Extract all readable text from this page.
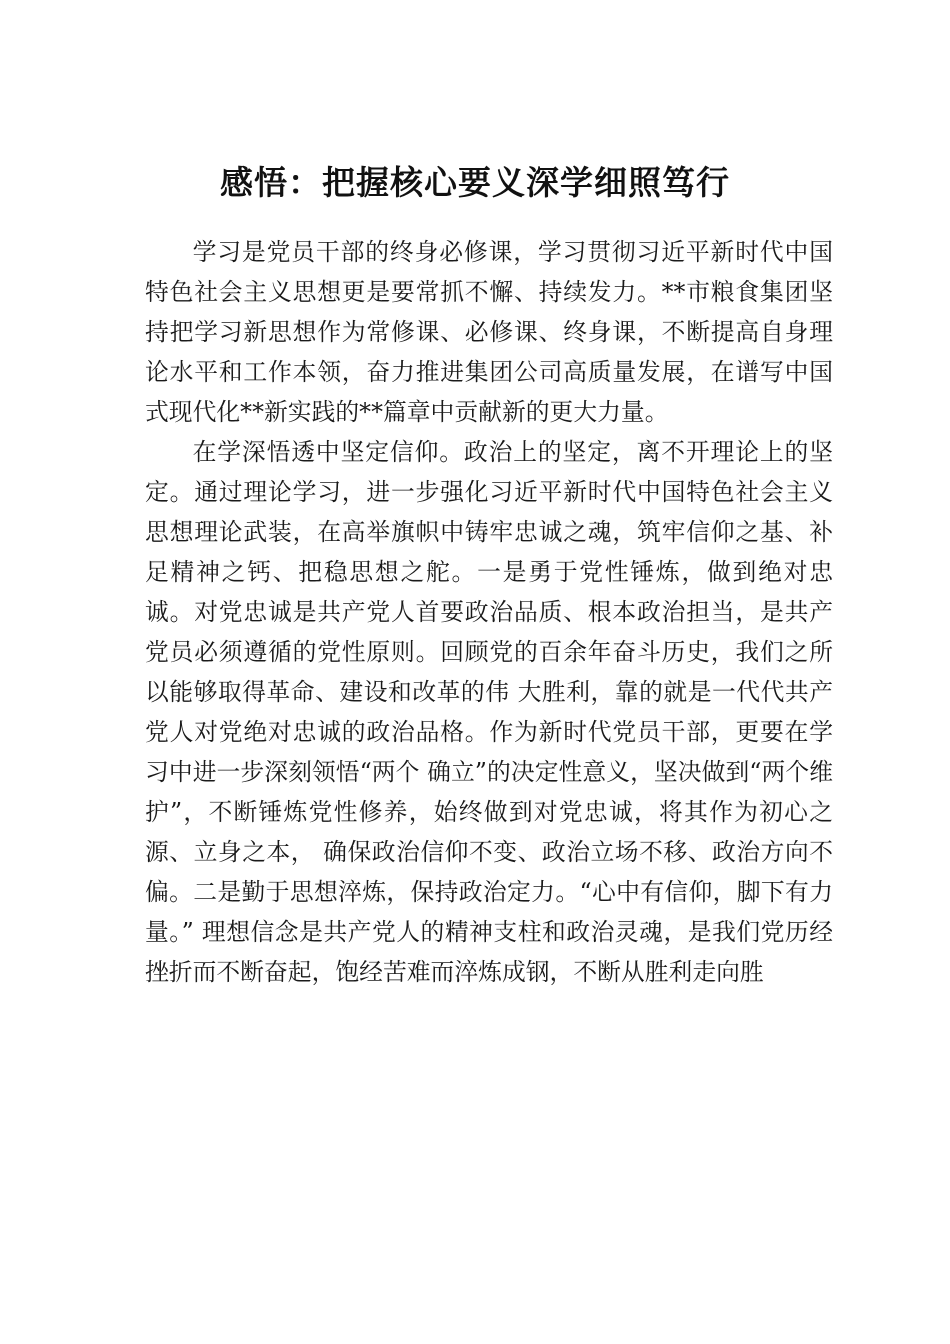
感悟：把握核心要义深学细照笃行

学习是党员干部的终身必修课，学习贯彻习近平新时代中国特色社会主义思想更是要常抓不懈、持续发力。**市粮食集团坚持把学习新思想作为常修课、必修课、终身课，不断提高自身理论水平和工作本领，奋力推进集团公司高质量发展，在谱写中国式现代化**新实践的**篇章中贡献新的更大力量。

在学深悟透中坚定信仰。政治上的坚定，离不开理论上的坚定。通过理论学习，进一步强化习近平新时代中国特色社会主义思想理论武装，在高举旗帜中铸牢忠诚之魂，筑牢信仰之基、补足精神之钙、把稳思想之舵。一是勇于党性锤炼，做到绝对忠诚。对党忠诚是共产党人首要政治品质、根本政治担当，是共产党员必须遵循的党性原则。回顾党的百余年奋斗历史，我们之所以能够取得革命、建设和改革的伟 大胜利，靠的就是一代代共产党人对党绝对忠诚的政治品格。作为新时代党员干部，更要在学习中进一步深刻领悟“两个 确立”的决定性意义，坚决做到“两个维护”，不断锤炼党性修养，始终做到对党忠诚，将其作为初心之源、立身之本， 确保政治信仰不变、政治立场不移、政治方向不偏。二是勤于思想淬炼，保持政治定力。“心中有信仰，脚下有力量。” 理想信念是共产党人的精神支柱和政治灵魂，是我们党历经 挫折而不断奋起，饱经苦难而淬炼成钢，不断从胜利走向胜
